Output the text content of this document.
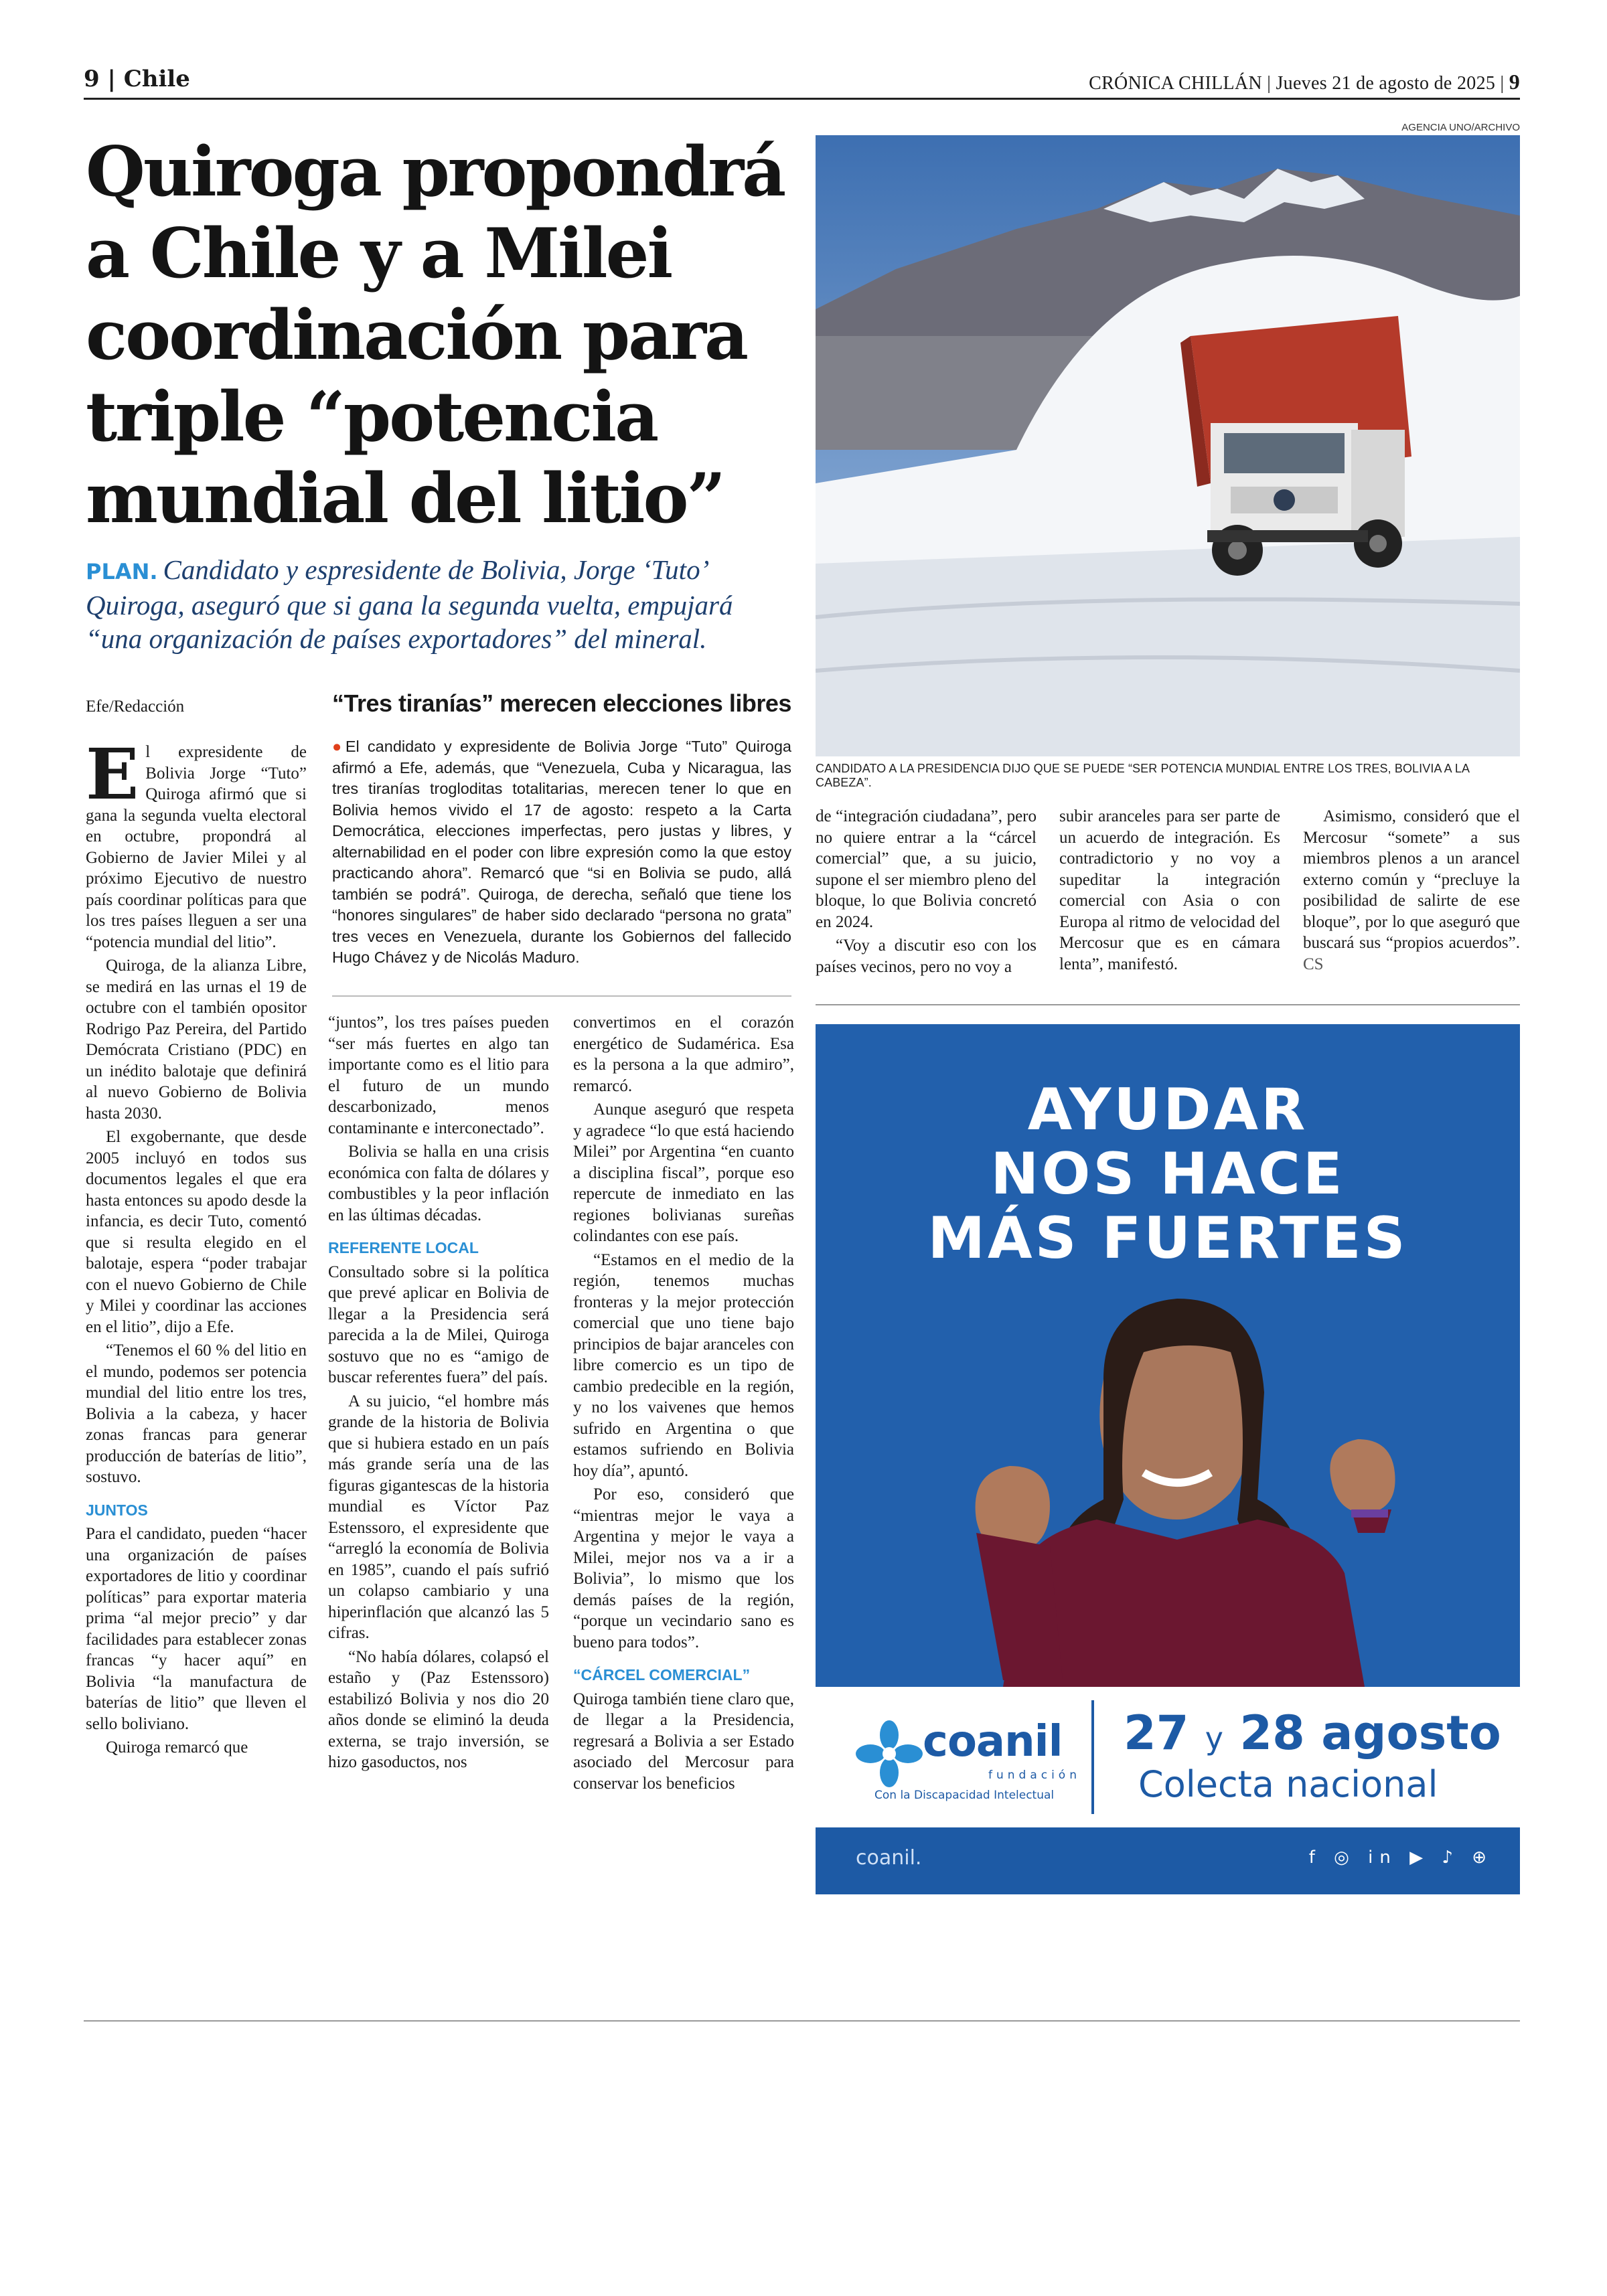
9 | Chile	CRÓNICA CHILLÁN | Jueves 21 de agosto de 2025 | 9
Quiroga propondrá a Chile y a Milei coordinación para triple “potencia mundial del litio”
PLAN. Candidato y espresidente de Bolivia, Jorge ‘Tuto’ Quiroga, aseguró que si gana la segunda vuelta, empujará “una organización de países exportadores” del mineral.
AGENCIA UNO/ARCHIVO
CANDIDATO A LA PRESIDENCIA DIJO QUE SE PUEDE “SER POTENCIA MUNDIAL ENTRE LOS TRES, BOLIVIA A LA CABEZA”.
Efe/Redacción	“Tres tiranías” merecen elecciones libres
●El candidato y expresidente de Bolivia Jorge “Tuto” Quiroga afirmó a Efe, además, que “Venezuela, Cuba y Nicaragua, las tres tiranías trogloditas totalitarias, merecen tener lo que en Bolivia hemos vivido el 17 de agosto: respeto a la Carta Democrática, elecciones imperfectas, pero justas y libres, y alternabilidad en el poder con libre expresión como la que estoy practicando ahora”. Remarcó que “si en Bolivia se pudo, allá también se podrá”. Quiroga, de derecha, señaló que tiene los “honores singulares” de haber sido declarado “persona no grata” tres veces en Venezuela, durante los Gobiernos del fallecido Hugo Chávez y de Nicolás Maduro.

El expresidente de Bolivia Jorge “Tuto” Quiroga afirmó que si gana la segunda vuelta electoral en octubre, propondrá al Gobierno de Javier Milei y al próximo Ejecutivo de nuestro país coordinar políticas para que los tres países lleguen a ser una “potencia mundial del litio”.

Quiroga, de la alianza Libre, se medirá en las urnas el 19 de octubre con el también opositor Rodrigo Paz Pereira, del Partido Demócrata Cristiano (PDC) en un inédito balotaje que definirá al nuevo Gobierno de Bolivia hasta 2030.

El exgobernante, que desde 2005 incluyó en todos sus documentos legales el que era hasta entonces su apodo desde la infancia, es decir Tuto, comentó que si resulta elegido en el balotaje, espera “poder trabajar con el nuevo Gobierno de Chile y Milei y coordinar las acciones en el litio”, dijo a Efe.

“Tenemos el 60 % del litio en el mundo, podemos ser potencia mundial del litio entre los tres, Bolivia a la cabeza, y hacer zonas francas para generar producción de baterías de litio”, sostuvo.

JUNTOS

Para el candidato, pueden “hacer una organización de países exportadores de litio y coordinar políticas” para exportar materia prima “al mejor precio” y dar facilidades para establecer zonas francas “y hacer aquí” en Bolivia “la manufactura de baterías de litio” que lleven el sello boliviano.

Quiroga remarcó que

“juntos”, los tres países pueden “ser más fuertes en algo tan importante como es el litio para el futuro de un mundo descarbonizado, menos contaminante e interconectado”.

Bolivia se halla en una crisis económica con falta de dólares y combustibles y la peor inflación en las últimas décadas.

REFERENTE LOCAL

Consultado sobre si la política que prevé aplicar en Bolivia de llegar a la Presidencia será parecida a la de Milei, Quiroga sostuvo que no es “amigo de buscar referentes fuera” del país.

A su juicio, “el hombre más grande de la historia de Bolivia que si hubiera estado en un país más grande sería una de las figuras gigantescas de la historia mundial es Víctor Paz Estenssoro, el expresidente que “arregló la economía de Bolivia en 1985”, cuando el país sufrió un colapso cambiario y una hiperinflación que alcanzó las 5 cifras.

“No había dólares, colapsó el estaño y (Paz Estenssoro) estabilizó Bolivia y nos dio 20 años donde se eliminó la deuda externa, se trajo inversión, se hizo gasoductos, nos

convertimos en el corazón energético de Sudamérica. Esa es la persona a la que admiro”, remarcó.

Aunque aseguró que respeta y agradece “lo que está haciendo Milei” por Argentina “en cuanto a disciplina fiscal”, porque eso repercute de inmediato en las regiones bolivianas sureñas colindantes con ese país.

“Estamos en el medio de la región, tenemos muchas fronteras y la mejor protección comercial que uno tiene bajo principios de bajar aranceles con libre comercio es un tipo de cambio predecible en la región, y no los vaivenes que hemos sufrido en Argentina o que estamos sufriendo en Bolivia hoy día”, apuntó.

Por eso, consideró que “mientras mejor le vaya a Argentina y mejor le vaya a Milei, mejor nos va a ir a Bolivia”, lo mismo que los demás países de la región, “porque un vecindario sano es bueno para todos”.

“CÁRCEL COMERCIAL”

Quiroga también tiene claro que, de llegar a la Presidencia, regresará a Bolivia a ser Estado asociado del Mercosur para conservar los beneficios

de “integración ciudadana”, pero no quiere entrar a la “cárcel comercial” que, a su juicio, supone el ser miembro pleno del bloque, lo que Bolivia concretó en 2024.

“Voy a discutir eso con los países vecinos, pero no voy a

subir aranceles para ser parte de un acuerdo de integración. Es contradictorio y no voy a supeditar la integración comercial con Asia o con Europa al ritmo de velocidad del Mercosur que es en cámara lenta”, manifestó.

Asimismo, consideró que el Mercosur “somete” a sus miembros plenos a un arancel externo común y “precluye la posibilidad de salirte de ese bloque”, por lo que aseguró que buscará sus “propios acuerdos”. CS

AYUDAR
NOS HACE
MÁS FUERTES
coanil
fundación
Con la Discapacidad Intelectual
27 y 28 agosto
Colecta nacional
coanil.	f ◎ in ▶ ♪ ⊕
